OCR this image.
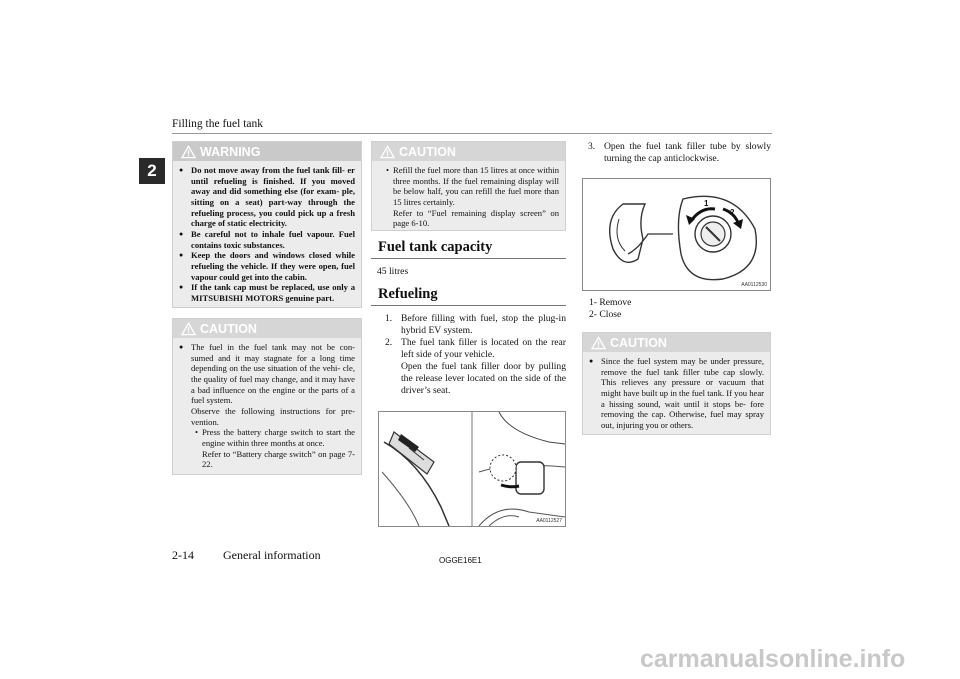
Filling the fuel tank
2
WARNING
● Do not move away from the fuel tank fill- er until refueling is finished. If you moved away and did something else (for exam- ple, sitting on a seat) part-way through the refueling process, you could pick up a fresh charge of static electricity.
● Be careful not to inhale fuel vapour. Fuel contains toxic substances.
● Keep the doors and windows closed while refueling the vehicle. If they were open, fuel vapour could get into the cabin.
● If the tank cap must be replaced, use only a MITSUBISHI MOTORS genuine part.
CAUTION
● The fuel in the fuel tank may not be con- sumed and it may stagnate for a long time depending on the use situation of the vehi- cle, the quality of fuel may change, and it may have a bad influence on the engine or the parts of a fuel system.
Observe the following instructions for pre- vention.
• Press the battery charge switch to start the engine within three months at once.
Refer to “Battery charge switch” on page 7-22.
CAUTION
• Refill the fuel more than 15 litres at once within three months. If the fuel remaining display will be below half, you can refill the fuel more than 15 litres certainly.
Refer to “Fuel remaining display screen” on page 6-10.
Fuel tank capacity
45 litres
Refueling
1. Before filling with fuel, stop the plug-in hybrid EV system.
2. The fuel tank filler is located on the rear left side of your vehicle.
Open the fuel tank filler door by pulling the release lever located on the side of the driver’s seat.
AA0112527
3. Open the fuel tank filler tube by slowly turning the cap anticlockwise.
1
2
AA0112530
1- Remove
2- Close
CAUTION
● Since the fuel system may be under pressure, remove the fuel tank filler tube cap slowly. This relieves any pressure or vacuum that might have built up in the fuel tank. If you hear a hissing sound, wait until it stops be- fore removing the cap. Otherwise, fuel may spray out, injuring you or others.
2-14 General information	OGGE16E1
carmanualsonline.info
